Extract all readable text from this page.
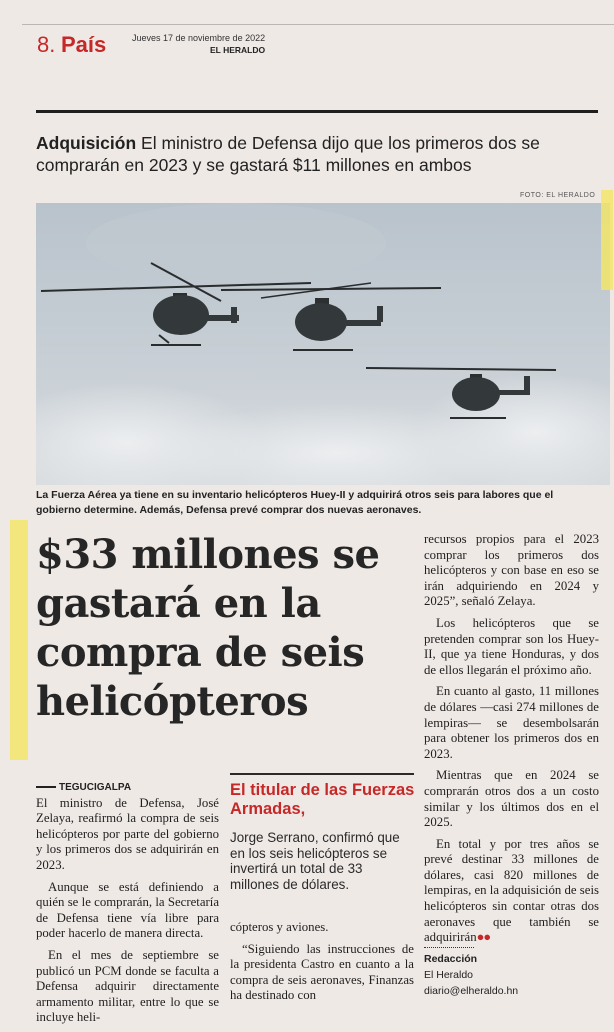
8. País	Jueves 17 de noviembre de 2022
EL HERALDO
Adquisición El ministro de Defensa dijo que los primeros dos se comprarán en 2023 y se gastará $11 millones en ambos
FOTO: EL HERALDO
La Fuerza Aérea ya tiene en su inventario helicópteros Huey-II y adquirirá otros seis para labores que el gobierno determine. Además, Defensa prevé comprar dos nuevas aeronaves.
$33 millones se gastará en la compra de seis helicópteros
TEGUCIGALPA

El ministro de Defensa, José Zelaya, reafirmó la compra de seis helicópteros por parte del gobierno y los primeros dos se adquirirán en 2023.

Aunque se está definiendo a quién se le comprarán, la Secretaría de Defensa tiene vía libre para poder hacerlo de manera directa.

En el mes de septiembre se publicó un PCM donde se faculta a Defensa adquirir directamente armamento militar, entre lo que se incluye heli-

El titular de las Fuerzas Armadas,
Jorge Serrano, confirmó que en los seis helicópteros se invertirá un total de 33 millones de dólares.

cópteros y aviones.

“Siguiendo las instrucciones de la presidenta Castro en cuanto a la compra de seis aeronaves, Finanzas ha destinado con

recursos propios para el 2023 comprar los primeros dos helicópteros y con base en eso se irán adquiriendo en 2024 y 2025”, señaló Zelaya.

Los helicópteros que se pretenden comprar son los Huey-II, que ya tiene Honduras, y dos de ellos llegarán el próximo año.

En cuanto al gasto, 11 millones de dólares —casi 274 millones de lempiras— se desembolsarán para obtener los primeros dos en 2023.

Mientras que en 2024 se comprarán otros dos a un costo similar y los últimos dos en el 2025.

En total y por tres años se prevé destinar 33 millones de dólares, casi 820 millones de lempiras, en la adquisición de seis helicópteros sin contar otras dos aeronaves que también se adquirirán●●

Redacción
El Heraldo
diario@elheraldo.hn
